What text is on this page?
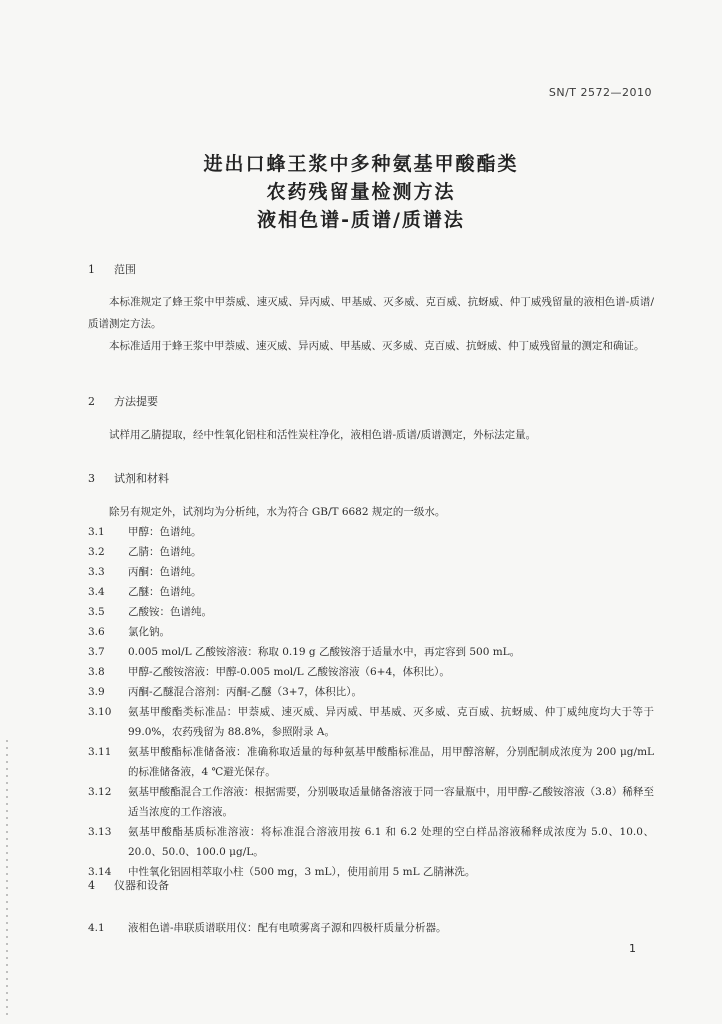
SN/T 2572—2010
进出口蜂王浆中多种氨基甲酸酯类
农药残留量检测方法
液相色谱-质谱/质谱法

1 范围

本标准规定了蜂王浆中甲萘威、速灭威、异丙威、甲基威、灭多威、克百威、抗蚜威、仲丁威残留量的液相色谱-质谱/质谱测定方法。

本标准适用于蜂王浆中甲萘威、速灭威、异丙威、甲基威、灭多威、克百威、抗蚜威、仲丁威残留量的测定和确证。

2 方法提要

试样用乙腈提取，经中性氧化铝柱和活性炭柱净化，液相色谱-质谱/质谱测定，外标法定量。

3 试剂和材料

除另有规定外，试剂均为分析纯，水为符合 GB/T 6682 规定的一级水。

3.1	甲醇：色谱纯。
3.2	乙腈：色谱纯。
3.3	丙酮：色谱纯。
3.4	乙醚：色谱纯。
3.5	乙酸铵：色谱纯。
3.6	氯化钠。
3.7	0.005 mol/L 乙酸铵溶液：称取 0.19 g 乙酸铵溶于适量水中，再定容到 500 mL。
3.8	甲醇-乙酸铵溶液：甲醇-0.005 mol/L 乙酸铵溶液（6+4，体积比）。
3.9	丙酮-乙醚混合溶剂：丙酮-乙醚（3+7，体积比）。
3.10	氨基甲酸酯类标准品：甲萘威、速灭威、异丙威、甲基威、灭多威、克百威、抗蚜威、仲丁威纯度均大于等于 99.0%，农药残留为 88.8%，参照附录 A。
3.11	氨基甲酸酯标准储备液：准确称取适量的每种氨基甲酸酯标准品，用甲醇溶解，分别配制成浓度为 200 μg/mL 的标准储备液，4 ℃避光保存。
3.12	氨基甲酸酯混合工作溶液：根据需要，分别吸取适量储备溶液于同一容量瓶中，用甲醇-乙酸铵溶液（3.8）稀释至适当浓度的工作溶液。
3.13	氨基甲酸酯基质标准溶液：将标准混合溶液用按 6.1 和 6.2 处理的空白样品溶液稀释成浓度为 5.0、10.0、20.0、50.0、100.0 μg/L。
3.14	中性氧化铝固相萃取小柱（500 mg，3 mL），使用前用 5 mL 乙腈淋洗。

4 仪器和设备

4.1	液相色谱-串联质谱联用仪：配有电喷雾离子源和四极杆质量分析器。
1
